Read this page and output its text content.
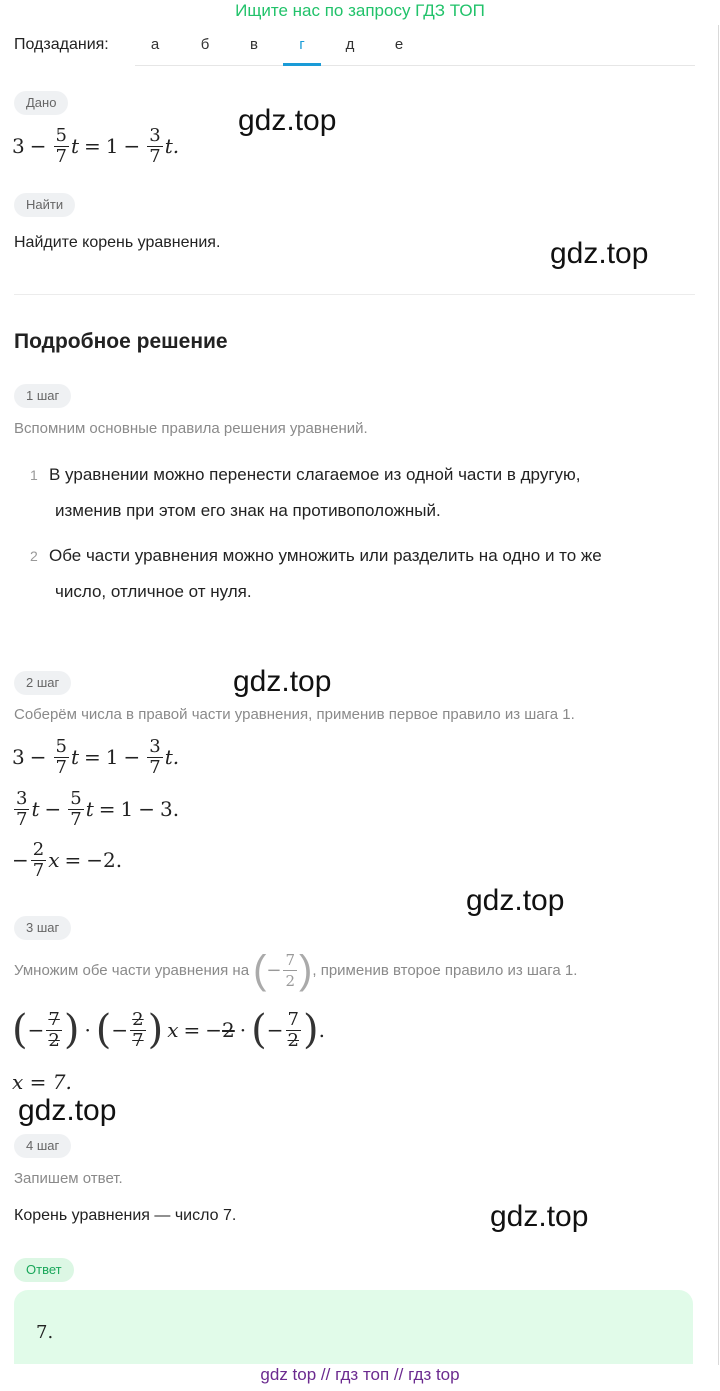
Ищите нас по запросу ГДЗ ТОП
Подзадания:	а	б	в	г	д	е
Дано
$3 - \frac{5}{7}$ $t = 1 - \frac{3}{7} t$.
Найти
Найдите корень уравнения.
Подробное решение
1 шаг
Вспомним основные правила решения уравнений.
1 В уравнении можно перенести слагаемое из одной части в другую,
изменив при этом его знак на противоположный.
2 Обе части уравнения можно умножить или разделить на одно и то же
число, отличное от нуля.
2 шаг
Соберём числа в правой части уравнения, применив первое правило из шага 1.
$3 - \frac{5}{7}$ $t = 1 - \frac{3}{7} t$.
$\frac{3}{7}$ $t - \frac{5}{7}$ t = 1 − 3.
− $\frac{2}{7}$ x = −2.
3 шаг
Умножим обе части уравнения на ( − $\frac{7}{2}$ ) , применив второе правило из шага 1.
( − $\frac{7}{2}$ ) · ( − $\frac{2}{7}$ ) x = − 2 · ( − $\frac{7}{2}$ ) .
x = 7.
4 шаг
Запишем ответ.
Корень уравнения — число 7.
Ответ
7.
gdz.top
gdz.top
gdz.top
gdz.top
gdz.top
gdz.top
gdz top // гдз топ // гдз top
